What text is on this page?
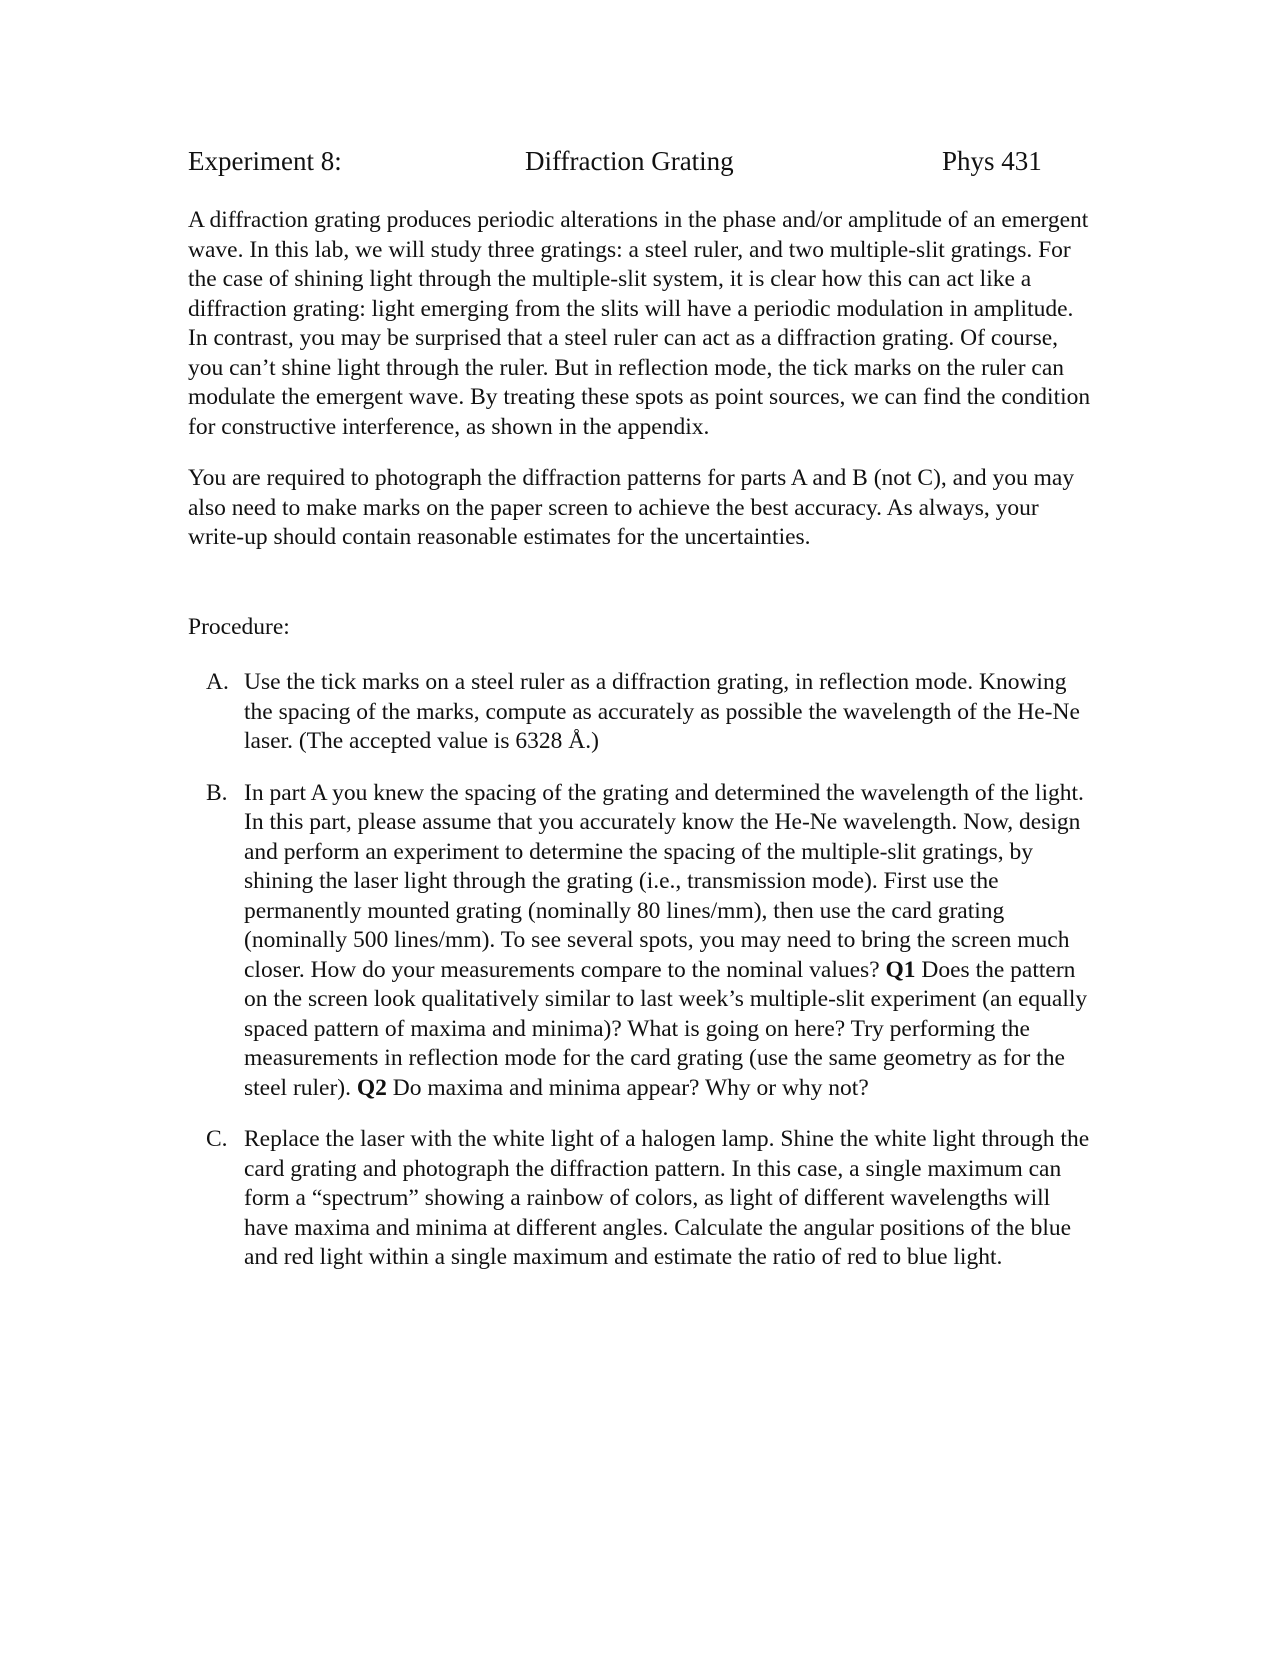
Experiment 8:	Diffraction Grating	Phys 431

A diffraction grating produces periodic alterations in the phase and/or amplitude of an emergent wave. In this lab, we will study three gratings: a steel ruler, and two multiple-slit gratings. For the case of shining light through the multiple-slit system, it is clear how this can act like a diffraction grating: light emerging from the slits will have a periodic modulation in amplitude. In contrast, you may be surprised that a steel ruler can act as a diffraction grating. Of course, you can’t shine light through the ruler. But in reflection mode, the tick marks on the ruler can modulate the emergent wave. By treating these spots as point sources, we can find the condition for constructive interference, as shown in the appendix.

You are required to photograph the diffraction patterns for parts A and B (not C), and you may also need to make marks on the paper screen to achieve the best accuracy. As always, your write-up should contain reasonable estimates for the uncertainties.

Procedure:
A. Use the tick marks on a steel ruler as a diffraction grating, in reflection mode. Knowing the spacing of the marks, compute as accurately as possible the wavelength of the He-Ne laser. (The accepted value is 6328 Å.)
B. In part A you knew the spacing of the grating and determined the wavelength of the light. In this part, please assume that you accurately know the He-Ne wavelength. Now, design and perform an experiment to determine the spacing of the multiple-slit gratings, by shining the laser light through the grating (i.e., transmission mode). First use the permanently mounted grating (nominally 80 lines/mm), then use the card grating (nominally 500 lines/mm). To see several spots, you may need to bring the screen much closer. How do your measurements compare to the nominal values? Q1 Does the pattern on the screen look qualitatively similar to last week’s multiple-slit experiment (an equally spaced pattern of maxima and minima)? What is going on here? Try performing the measurements in reflection mode for the card grating (use the same geometry as for the steel ruler). Q2 Do maxima and minima appear? Why or why not?
C. Replace the laser with the white light of a halogen lamp. Shine the white light through the card grating and photograph the diffraction pattern. In this case, a single maximum can form a “spectrum” showing a rainbow of colors, as light of different wavelengths will have maxima and minima at different angles. Calculate the angular positions of the blue and red light within a single maximum and estimate the ratio of red to blue light.
